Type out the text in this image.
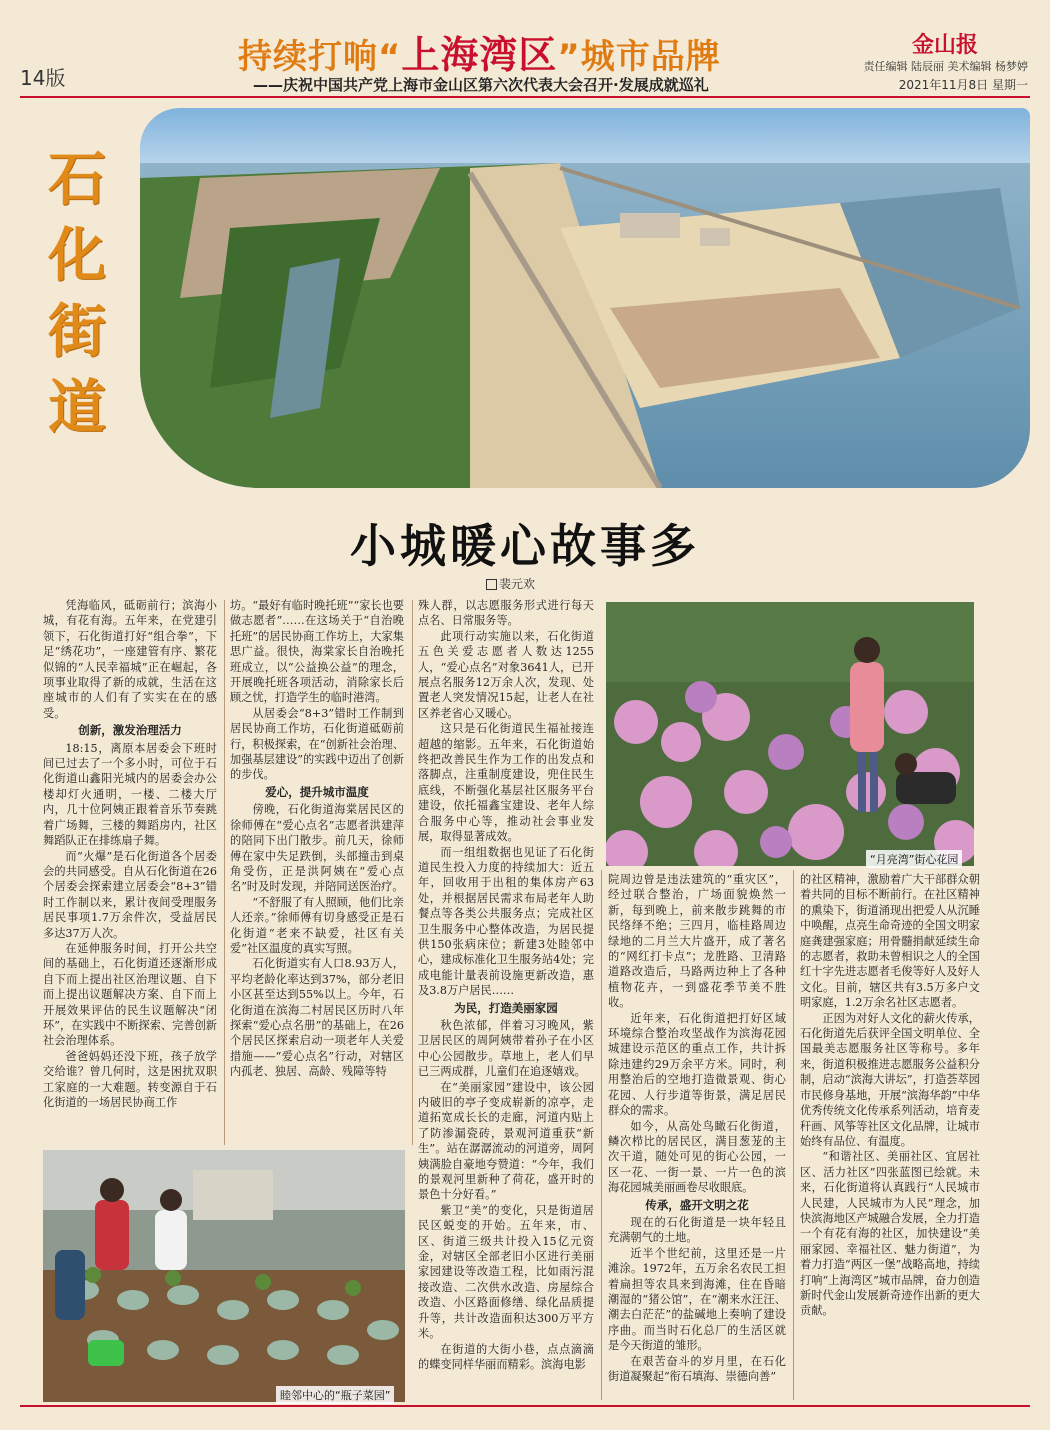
14版
持续打响“上海湾区”城市品牌
——庆祝中国共产党上海市金山区第六次代表大会召开·发展成就巡礼
金山报
责任编辑 陆辰丽 美术编辑 杨梦婷
2021年11月8日 星期一
石
化
街
道
小城暖心故事多
裴元欢

凭海临风，砥砺前行；滨海小城，有花有海。五年来，在党建引领下，石化街道打好“组合拳”，下足“绣花功”，一座建管有序、繁花似锦的“人民幸福城”正在崛起，各项事业取得了新的成就，生活在这座城市的人们有了实实在在的感受。

创新，激发治理活力

18:15，离原本居委会下班时间已过去了一个多小时，可位于石化街道山鑫阳光城内的居委会办公楼却灯火通明，一楼、二楼大厅内，几十位阿姨正跟着音乐节奏跳着广场舞，三楼的舞蹈房内，社区舞蹈队正在排练扇子舞。

而“火爆”是石化街道各个居委会的共同感受。自从石化街道在26个居委会探索建立居委会“8+3”错时工作制以来，累计夜间受理服务居民事项1.7万余件次，受益居民多达37万人次。

在延伸服务时间，打开公共空间的基础上，石化街道还逐渐形成自下而上提出社区治理议题、自下而上提出议题解决方案、自下而上开展效果评估的民生议题解决“闭环”，在实践中不断探索、完善创新社会治理体系。

爸爸妈妈还没下班，孩子放学交给谁？曾几何时，这是困扰双职工家庭的一大难题。转变源自于石化街道的一场居民协商工作

坊。“最好有临时晚托班”“家长也要做志愿者”……在这场关于“自治晚托班”的居民协商工作坊上，大家集思广益。很快，海棠家长自治晚托班成立，以“公益换公益”的理念，开展晚托班各项活动，消除家长后顾之忧，打造学生的临时港湾。

从居委会“8+3”错时工作制到居民协商工作坊，石化街道砥砺前行，积极探索，在“创新社会治理、加强基层建设”的实践中迈出了创新的步伐。

爱心，提升城市温度

傍晚，石化街道海棠居民区的徐师傅在“爱心点名”志愿者洪建萍的陪同下出门散步。前几天，徐师傅在家中失足跌倒，头部撞击到桌角受伤，正是洪阿姨在“爱心点名”时及时发现，并陪同送医治疗。

“不舒服了有人照顾，他们比亲人还亲。”徐师傅有切身感受正是石化街道“老来不缺爱，社区有关爱”社区温度的真实写照。

石化街道实有人口8.93万人，平均老龄化率达到37%，部分老旧小区甚至达到55%以上。今年，石化街道在滨海二村居民区历时八年探索“爱心点名册”的基础上，在26个居民区探索启动一项老年人关爱措施——“爱心点名”行动，对辖区内孤老、独居、高龄、残障等特

殊人群，以志愿服务形式进行每天点名、日常服务等。

此项行动实施以来，石化街道五色关爱志愿者人数达1255人，“爱心点名”对象3641人，已开展点名服务12万余人次，发现、处置老人突发情况15起，让老人在社区养老省心又暖心。

这只是石化街道民生福祉接连超越的缩影。五年来，石化街道始终把改善民生作为工作的出发点和落脚点，注重制度建设，兜住民生底线，不断强化基层社区服务平台建设，依托福鑫宝建设、老年人综合服务中心等，推动社会事业发展，取得显著成效。

而一组组数据也见证了石化街道民生投入力度的持续加大：近五年，回收用于出租的集体房产63处，并根据居民需求布局老年人助餐点等各类公共服务点；完成社区卫生服务中心整体改造，为居民提供150张病床位；新建3处睦邻中心，建成标准化卫生服务站4处；完成电能计量表前设施更新改造，惠及3.8万户居民……

为民，打造美丽家园

秋色浓郁，伴着习习晚风，紫卫居民区的周阿姨带着孙子在小区中心公园散步。草地上，老人们早已三两成群，儿童们在追逐嬉戏。

在“美丽家园”建设中，该公园内破旧的亭子变成崭新的凉亭，走道拓宽成长长的走廊，河道内贴上了防渗漏瓷砖，景观河道重获“新生”。站在潺潺流动的河道旁，周阿姨满脸自豪地夸赞道：“今年，我们的景观河里新种了荷花，盛开时的景色十分好看。”

紫卫“美”的变化，只是街道居民区蜕变的开始。五年来，市、区、街道三级共计投入15亿元资金，对辖区全部老旧小区进行美丽家园建设等改造工程，比如雨污混接改造、二次供水改造、房屋综合改造、小区路面修缮、绿化品质提升等，共计改造面积达300万平方米。

在街道的大街小巷，点点滴滴的蝶变同样华丽而精彩。滨海电影

院周边曾是违法建筑的“重灾区”，经过联合整治，广场面貌焕然一新，每到晚上，前来散步跳舞的市民络绎不绝；三四月，临桂路周边绿地的二月兰大片盛开，成了著名的“网红打卡点”；龙胜路、卫清路道路改造后，马路两边种上了各种植物花卉，一到盛花季节美不胜收。

近年来，石化街道把打好区域环境综合整治攻坚战作为滨海花园城建设示范区的重点工作，共计拆除违建约29万余平方米。同时，利用整治后的空地打造微景观、街心花园、人行步道等街景，满足居民群众的需求。

如今，从高处鸟瞰石化街道，鳞次栉比的居民区，满目葱茏的主次干道，随处可见的街心公园，一区一花、一街一景、一片一色的滨海花园城美丽画卷尽收眼底。

传承，盛开文明之花

现在的石化街道是一块年轻且充满朝气的土地。

近半个世纪前，这里还是一片滩涂。1972年，五万余名农民工担着扁担等农具来到海滩，住在昏暗潮湿的“猪公馆”，在“潮来水汪汪、潮去白茫茫”的盐碱地上奏响了建设序曲。而当时石化总厂的生活区就是今天街道的雏形。

在艰苦奋斗的岁月里，在石化街道凝聚起“衔石填海、崇德向善”

的社区精神，激励着广大干部群众朝着共同的目标不断前行。在社区精神的熏染下，街道涌现出把爱人从沉睡中唤醒，点亮生命奇迹的全国文明家庭龚建强家庭；用骨髓捐献延续生命的志愿者，救助未曾相识之人的全国红十字先进志愿者毛俊等好人及好人文化。目前，辖区共有3.5万多户文明家庭，1.2万余名社区志愿者。

正因为对好人文化的薪火传承，石化街道先后获评全国文明单位、全国最美志愿服务社区等称号。多年来，街道积极推进志愿服务公益积分制，启动“滨海大讲坛”，打造荟萃园市民修身基地，开展“滨海华韵”中华优秀传统文化传承系列活动，培育麦秆画、风筝等社区文化品牌，让城市始终有品位、有温度。

“和谐社区、美丽社区、宜居社区、活力社区”四张蓝图已绘就。未来，石化街道将认真践行“人民城市人民建，人民城市为人民”理念，加快滨海地区产城融合发展，全力打造一个有花有海的社区，加快建设“美丽家园、幸福社区、魅力街道”，为着力打造“两区一堡”战略高地，持续打响“上海湾区”城市品牌，奋力创造新时代金山发展新奇迹作出新的更大贡献。

“月亮湾”街心花园
睦邻中心的“瓶子菜园”
